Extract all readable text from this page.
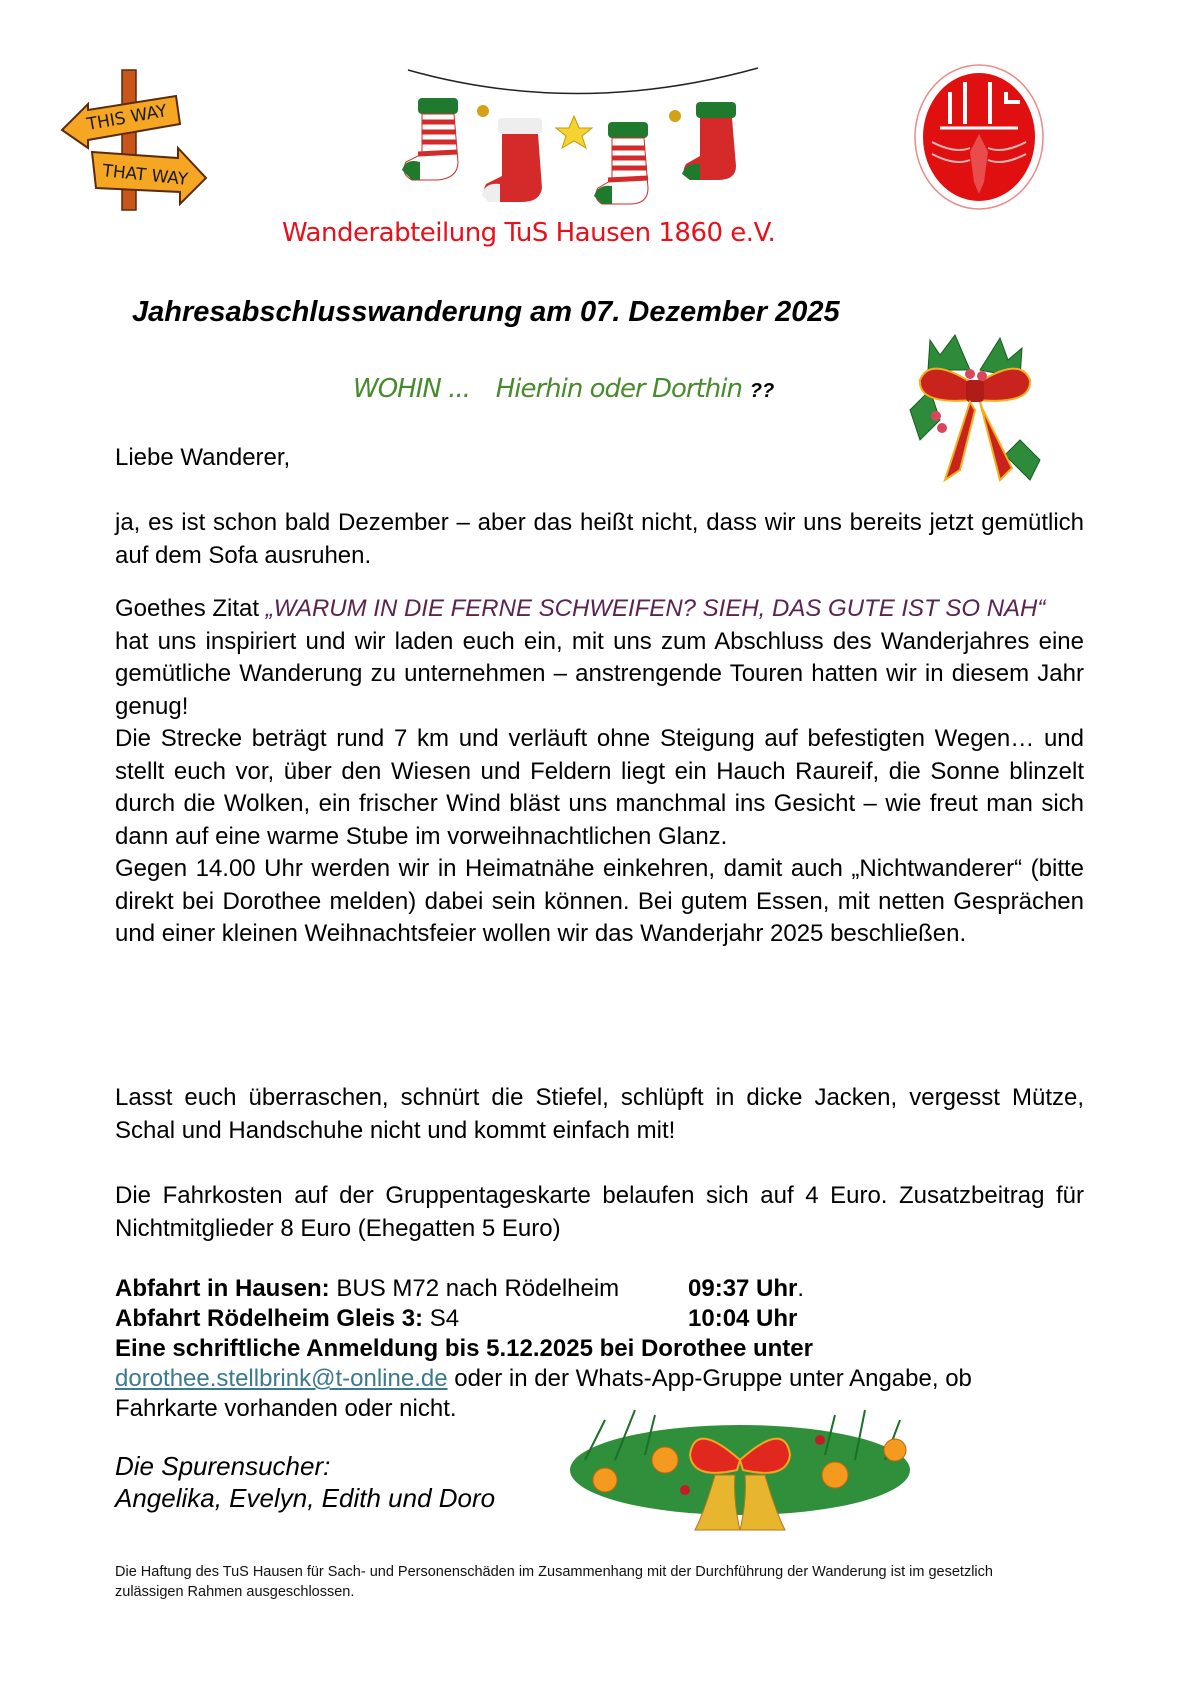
THIS WAY
THAT WAY
Wanderabteilung TuS Hausen 1860 e.V.
Jahresabschlusswanderung am 07. Dezember 2025
WOHIN ... Hierhin oder Dorthin ??

Liebe Wanderer,

ja, es ist schon bald Dezember – aber das heißt nicht, dass wir uns bereits jetzt gemütlich auf dem Sofa ausruhen.

Goethes Zitat „WARUM IN DIE FERNE SCHWEIFEN? SIEH, DAS GUTE IST SO NAH“

hat uns inspiriert und wir laden euch ein, mit uns zum Abschluss des Wanderjahres eine gemütliche Wanderung zu unternehmen – anstrengende Touren hatten wir in diesem Jahr genug!

Die Strecke beträgt rund 7 km und verläuft ohne Steigung auf befestigten Wegen… und stellt euch vor, über den Wiesen und Feldern liegt ein Hauch Raureif, die Sonne blinzelt durch die Wolken, ein frischer Wind bläst uns manchmal ins Gesicht – wie freut man sich dann auf eine warme Stube im vorweihnachtlichen Glanz.

Gegen 14.00 Uhr werden wir in Heimatnähe einkehren, damit auch „Nichtwanderer“ (bitte direkt bei Dorothee melden) dabei sein können. Bei gutem Essen, mit netten Gesprächen und einer kleinen Weihnachtsfeier wollen wir das Wanderjahr 2025 beschließen.

Lasst euch überraschen, schnürt die Stiefel, schlüpft in dicke Jacken, vergesst Mütze, Schal und Handschuhe nicht und kommt einfach mit!

Die Fahrkosten auf der Gruppentageskarte belaufen sich auf 4 Euro. Zusatzbeitrag für Nichtmitglieder 8 Euro (Ehegatten 5 Euro)

Abfahrt in Hausen: BUS M72 nach Rödelheim	09:37 Uhr.
Abfahrt Rödelheim Gleis 3: S4	10:04 Uhr
Eine schriftliche Anmeldung bis 5.12.2025 bei Dorothee unter
dorothee.stellbrink@t-online.de oder in der Whats-App-Gruppe unter Angabe, ob
Fahrkarte vorhanden oder nicht.
Die Spurensucher:
Angelika, Evelyn, Edith und Doro
Die Haftung des TuS Hausen für Sach- und Personenschäden im Zusammenhang mit der Durchführung der Wanderung ist im gesetzlich zulässigen Rahmen ausgeschlossen.
